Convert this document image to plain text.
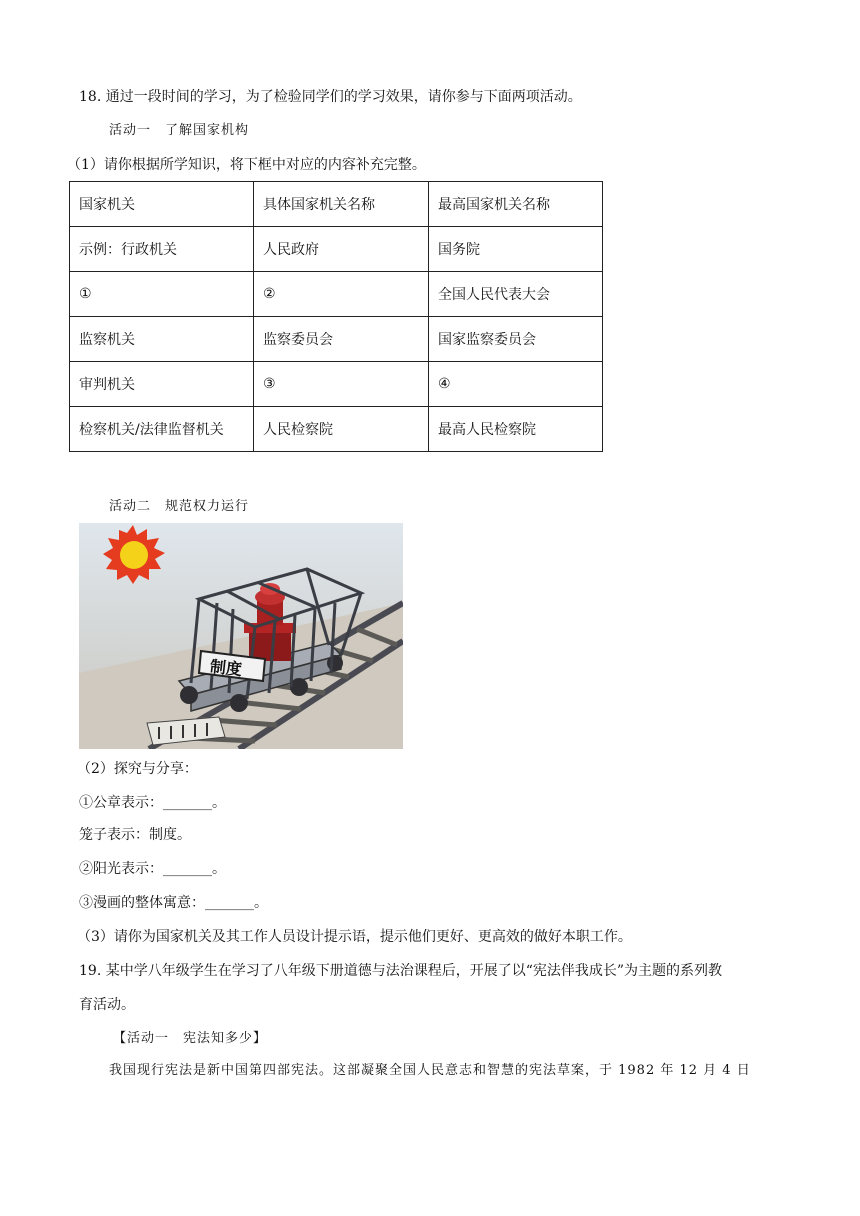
18. 通过一段时间的学习，为了检验同学们的学习效果，请你参与下面两项活动。
活动一　了解国家机构
（1）请你根据所学知识，将下框中对应的内容补充完整。
国家机关	具体国家机关名称	最高国家机关名称
示例：行政机关	人民政府	国务院
①	②	全国人民代表大会
监察机关	监察委员会	国家监察委员会
审判机关	③	④
检察机关/法律监督机关	人民检察院	最高人民检察院
活动二　规范权力运行
制度
（2）探究与分享：
①公章表示：_______。
笼子表示：制度。
②阳光表示：_______。
③漫画的整体寓意：_______。
（3）请你为国家机关及其工作人员设计提示语，提示他们更好、更高效的做好本职工作。
19. 某中学八年级学生在学习了八年级下册道德与法治课程后，开展了以“宪法伴我成长”为主题的系列教
育活动。
【活动一　宪法知多少】
我国现行宪法是新中国第四部宪法。这部凝聚全国人民意志和智慧的宪法草案，于 1982 年 12 月 4 日
